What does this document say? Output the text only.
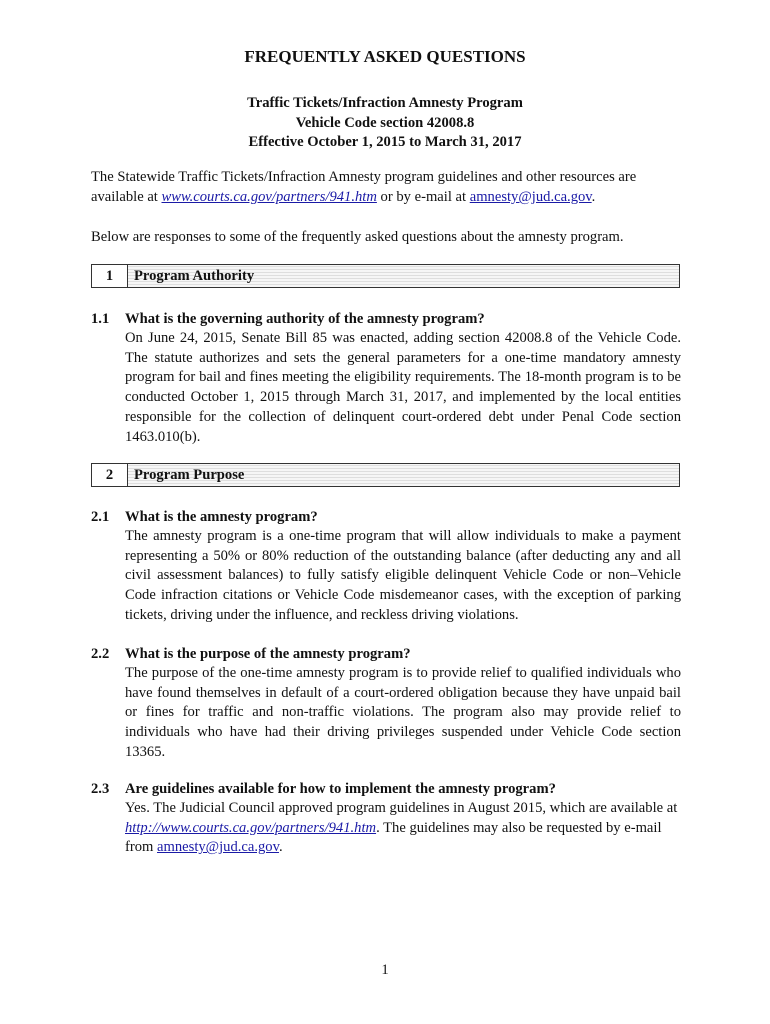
FREQUENTLY ASKED QUESTIONS
Traffic Tickets/Infraction Amnesty Program
Vehicle Code section 42008.8
Effective October 1, 2015 to March 31, 2017
The Statewide Traffic Tickets/Infraction Amnesty program guidelines and other resources are available at www.courts.ca.gov/partners/941.htm or by e-mail at amnesty@jud.ca.gov.
Below are responses to some of the frequently asked questions about the amnesty program.
1	Program Authority
1.1	What is the governing authority of the amnesty program?
On June 24, 2015, Senate Bill 85 was enacted, adding section 42008.8 of the Vehicle Code. The statute authorizes and sets the general parameters for a one-time mandatory amnesty program for bail and fines meeting the eligibility requirements. The 18-month program is to be conducted October 1, 2015 through March 31, 2017, and implemented by the local entities responsible for the collection of delinquent court-ordered debt under Penal Code section 1463.010(b).
2	Program Purpose
2.1	What is the amnesty program?
The amnesty program is a one-time program that will allow individuals to make a payment representing a 50% or 80% reduction of the outstanding balance (after deducting any and all civil assessment balances) to fully satisfy eligible delinquent Vehicle Code or non–Vehicle Code infraction citations or Vehicle Code misdemeanor cases, with the exception of parking tickets, driving under the influence, and reckless driving violations.
2.2	What is the purpose of the amnesty program?
The purpose of the one-time amnesty program is to provide relief to qualified individuals who have found themselves in default of a court-ordered obligation because they have unpaid bail or fines for traffic and non-traffic violations. The program also may provide relief to individuals who have had their driving privileges suspended under Vehicle Code section 13365.
2.3	Are guidelines available for how to implement the amnesty program?
Yes. The Judicial Council approved program guidelines in August 2015, which are available at http://www.courts.ca.gov/partners/941.htm. The guidelines may also be requested by e-mail from amnesty@jud.ca.gov.
1
